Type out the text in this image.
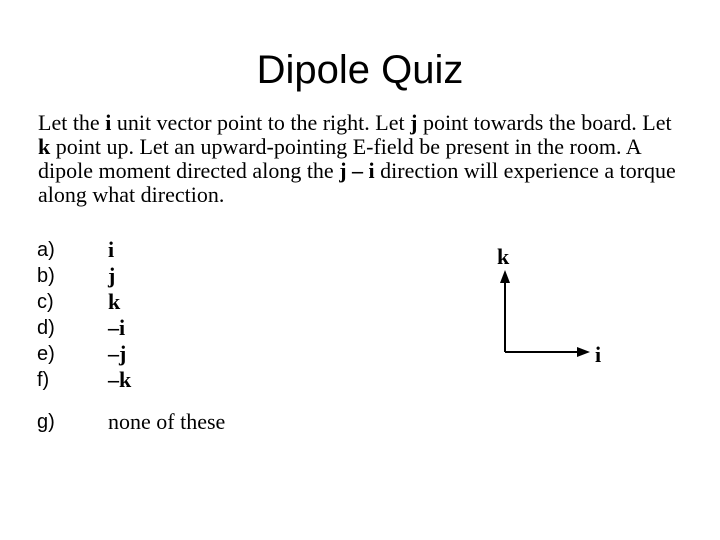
Dipole Quiz
Let the i unit vector point to the right. Let j point towards the board. Let k point up. Let an upward-pointing E-field be present in the room. A dipole moment directed along the j – i direction will experience a torque along what direction.
a) i
b) j
c) k
d) –i
e) –j
f)	–k
g) none of these
k
i
